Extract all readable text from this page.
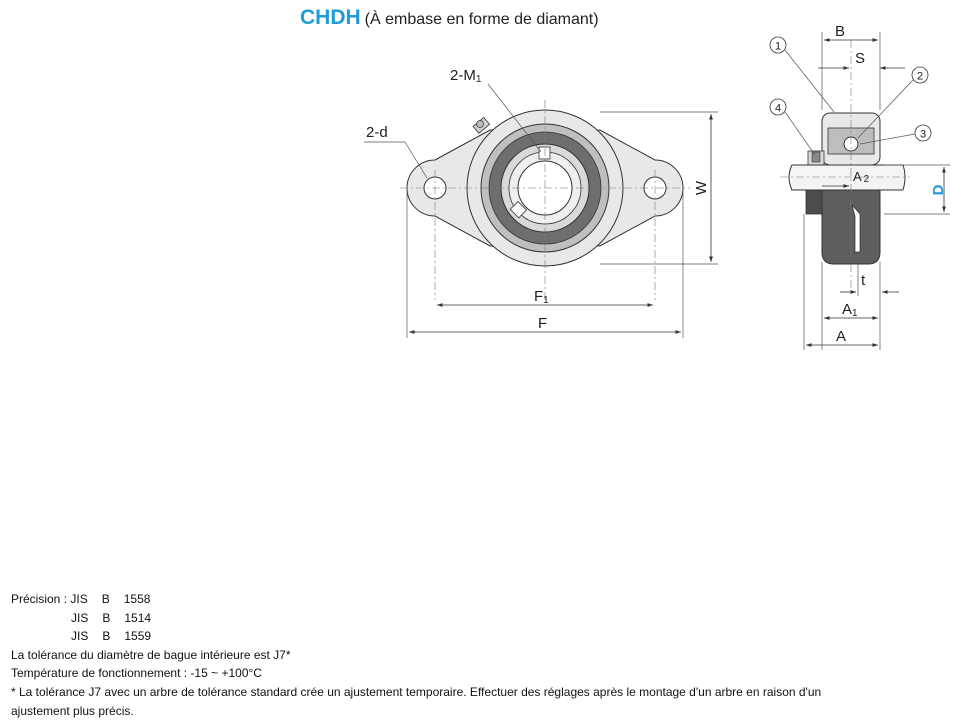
CHDH (À embase en forme de diamant)
2-M1
2-d
W
F1
F
B
S
A 2
D
t
A1
A
1
2
3
4
Précision : JIS B 1558
JIS B 1514
JIS B 1559
La tolérance du diamètre de bague intérieure est J7*
Température de fonctionnement : -15 ~ +100°C
* La tolérance J7 avec un arbre de tolérance standard crée un ajustement temporaire. Effectuer des réglages après le montage d'un arbre en raison d'un
ajustement plus précis.
